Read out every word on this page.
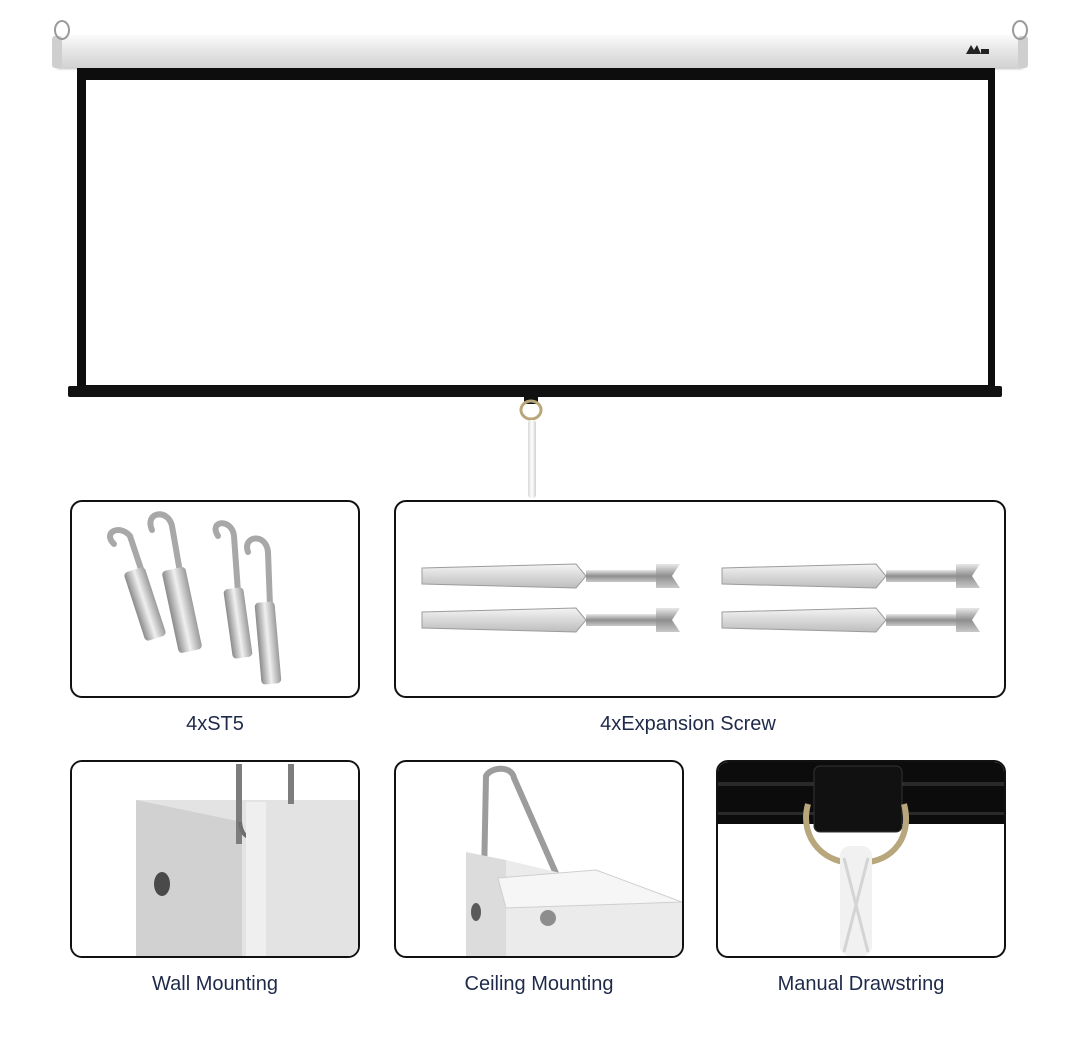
4xST5	4xExpansion Screw
Wall Mounting	Ceiling Mounting	Manual Drawstring
